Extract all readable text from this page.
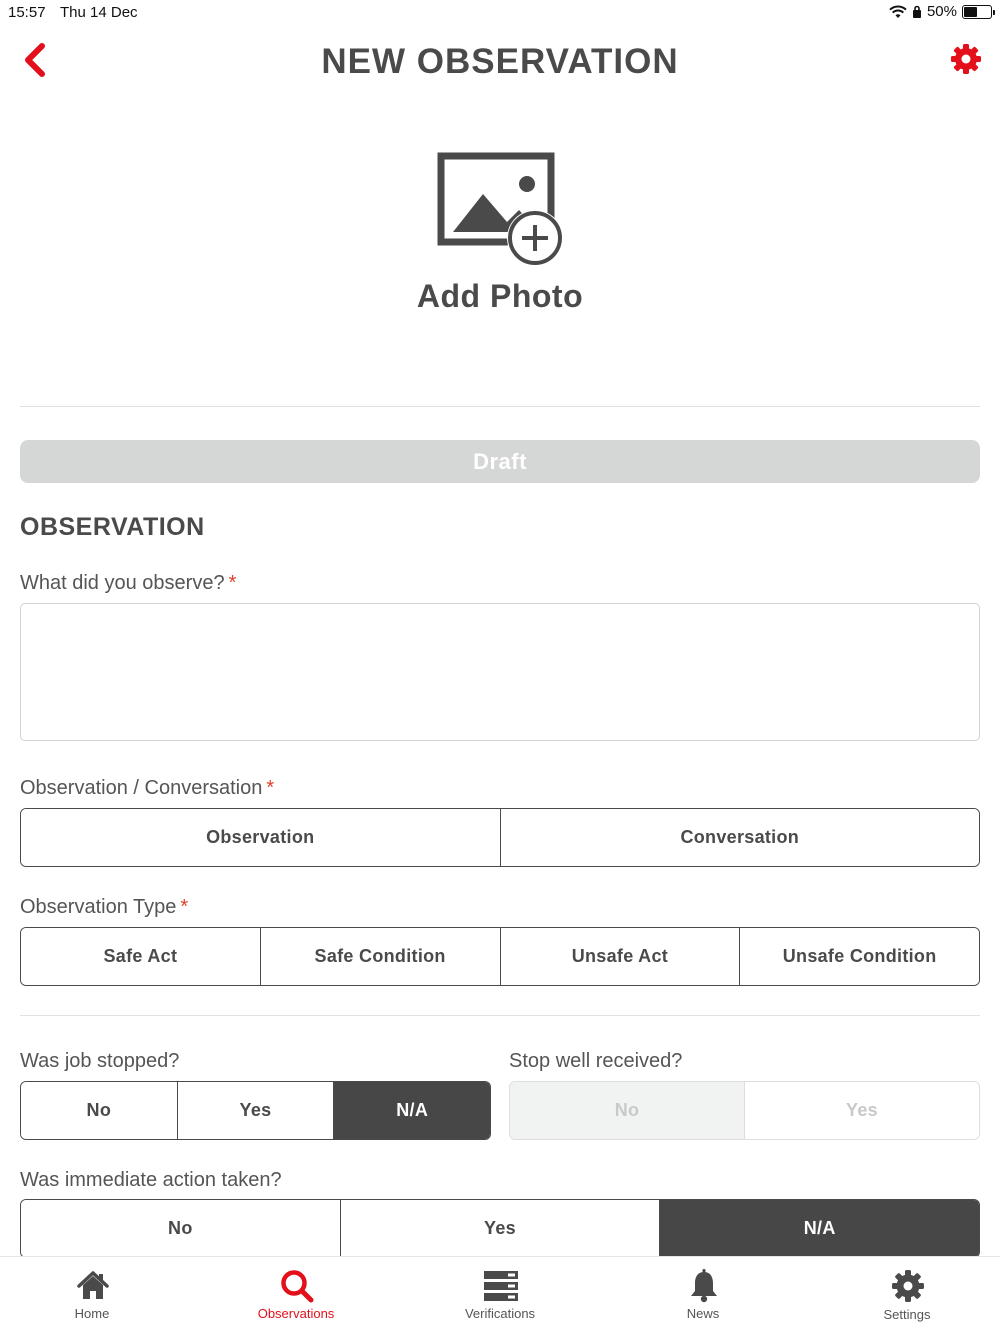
15:57 Thu 14 Dec	50%
NEW OBSERVATION
Add Photo
Draft
OBSERVATION
What did you observe? *
Observation / Conversation *
Observation	Conversation
Observation Type *
Safe Act	Safe Condition	Unsafe Act	Unsafe Condition
Was job stopped?
No	Yes	N/A
Stop well received?
No	Yes
Was immediate action taken?
No	Yes	N/A
Home	Observations	Verifications	News	Settings
